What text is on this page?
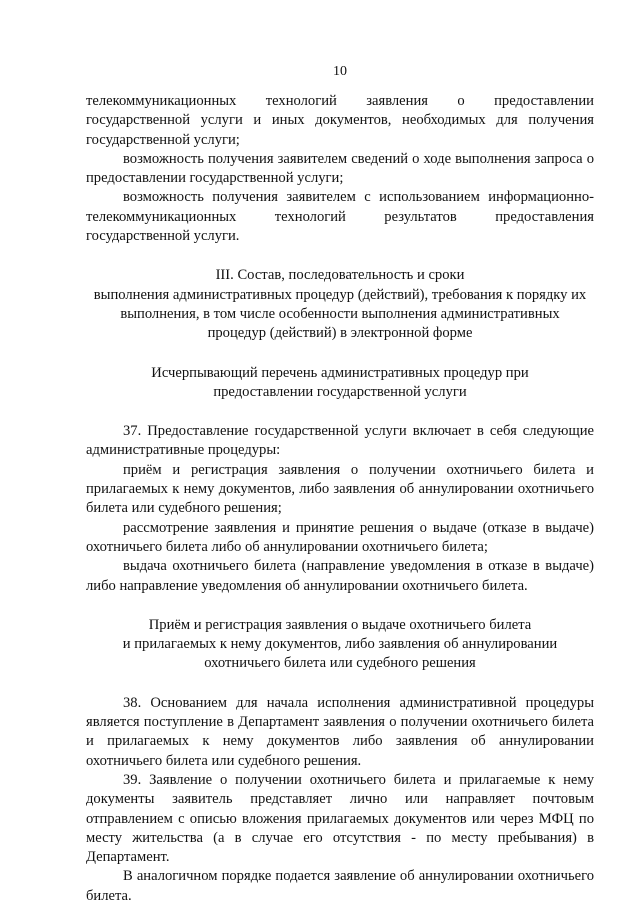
10

телекоммуникационных технологий заявления о предоставлении государственной услуги и иных документов, необходимых для получения государственной услуги;

возможность получения заявителем сведений о ходе выполнения запроса о предоставлении государственной услуги;

возможность получения заявителем с использованием информационно-телекоммуникационных технологий результатов предоставления государственной услуги.

III. Состав, последовательность и сроки
выполнения административных процедур (действий), требования к порядку их
выполнения, в том числе особенности выполнения административных
процедур (действий) в электронной форме
Исчерпывающий перечень административных процедур при
предоставлении государственной услуги

37. Предоставление государственной услуги включает в себя следующие административные процедуры:

приём и регистрация заявления о получении охотничьего билета и прилагаемых к нему документов, либо заявления об аннулировании охотничьего билета или судебного решения;

рассмотрение заявления и принятие решения о выдаче (отказе в выдаче) охотничьего билета либо об аннулировании охотничьего билета;

выдача охотничьего билета (направление уведомления в отказе в выдаче) либо направление уведомления об аннулировании охотничьего билета.

Приём и регистрация заявления о выдаче охотничьего билета
и прилагаемых к нему документов, либо заявления об аннулировании
охотничьего билета или судебного решения

38. Основанием для начала исполнения административной процедуры является поступление в Департамент заявления о получении охотничьего билета и прилагаемых к нему документов либо заявления об аннулировании охотничьего билета или судебного решения.

39. Заявление о получении охотничьего билета и прилагаемые к нему документы заявитель представляет лично или направляет почтовым отправлением с описью вложения прилагаемых документов или через МФЦ по месту жительства (а в случае его отсутствия - по месту пребывания) в Департамент.

В аналогичном порядке подается заявление об аннулировании охотничьего билета.
